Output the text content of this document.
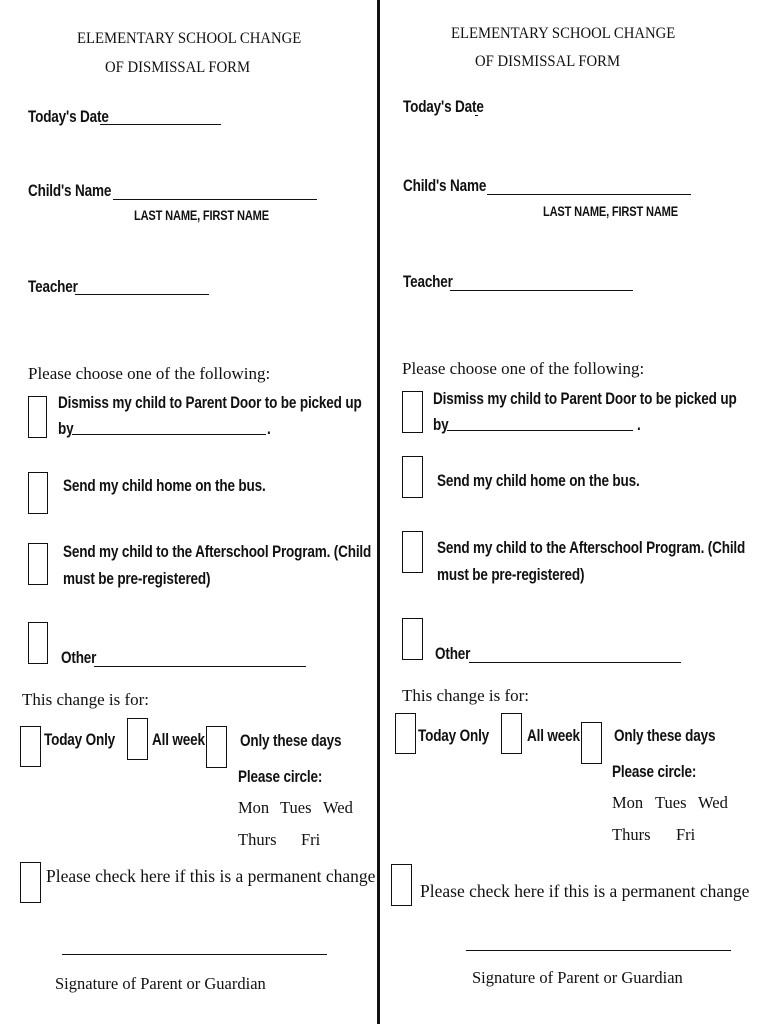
ELEMENTARY SCHOOL CHANGE
OF DISMISSAL FORM
Today's Date
Child's Name
LAST NAME, FIRST NAME
Teacher
Please choose one of the following:
Dismiss my child to Parent Door to be picked up
by	.
Send my child home on the bus.
Send my child to the Afterschool Program. (Child
must be pre-registered)
Other
This change is for:
Today Only All week Only these days
Please circle:
Mon Tues Wed
Thurs Fri
Please check here if this is a permanent change
Signature of Parent or Guardian
ELEMENTARY SCHOOL CHANGE
OF DISMISSAL FORM
Today's Date
Child's Name
LAST NAME, FIRST NAME
Teacher
Please choose one of the following:
Dismiss my child to Parent Door to be picked up
by	.
Send my child home on the bus.
Send my child to the Afterschool Program. (Child
must be pre-registered)
Other
This change is for:
Today Only All week Only these days
Please circle:
Mon Tues Wed
Thurs Fri
Please check here if this is a permanent change
Signature of Parent or Guardian
